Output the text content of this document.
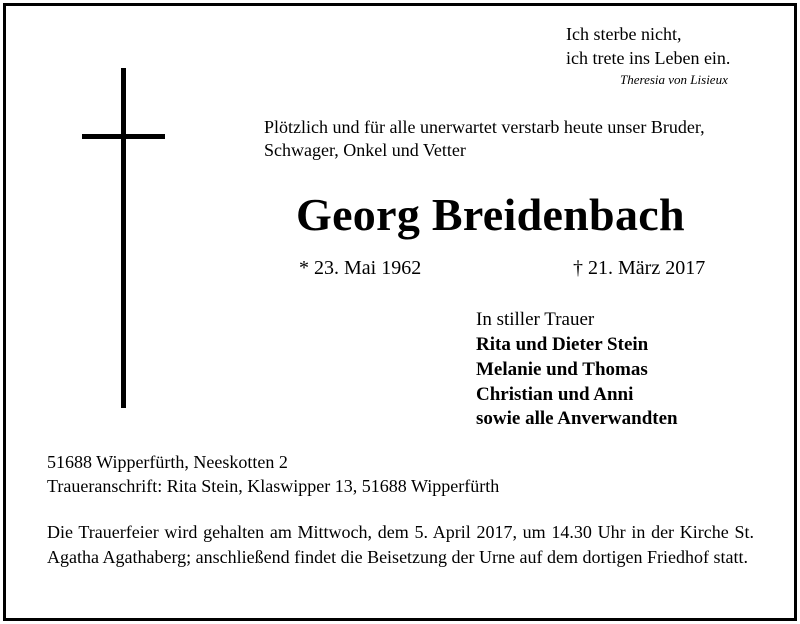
Ich sterbe nicht,
ich trete ins Leben ein.
Theresia von Lisieux
Plötzlich und für alle unerwartet verstarb heute unser Bruder,
Schwager, Onkel und Vetter
Georg Breidenbach
* 23. Mai 1962	† 21. März 2017
In stiller Trauer
Rita und Dieter Stein
Melanie und Thomas
Christian und Anni
sowie alle Anverwandten
51688 Wipperfürth, Neeskotten 2
Traueranschrift: Rita Stein, Klaswipper 13, 51688 Wipperfürth
Die Trauerfeier wird gehalten am Mittwoch, dem 5. April 2017, um 14.30 Uhr in der Kirche St. Agatha Agathaberg; anschließend findet die Beisetzung der Urne auf dem dortigen Friedhof statt.
